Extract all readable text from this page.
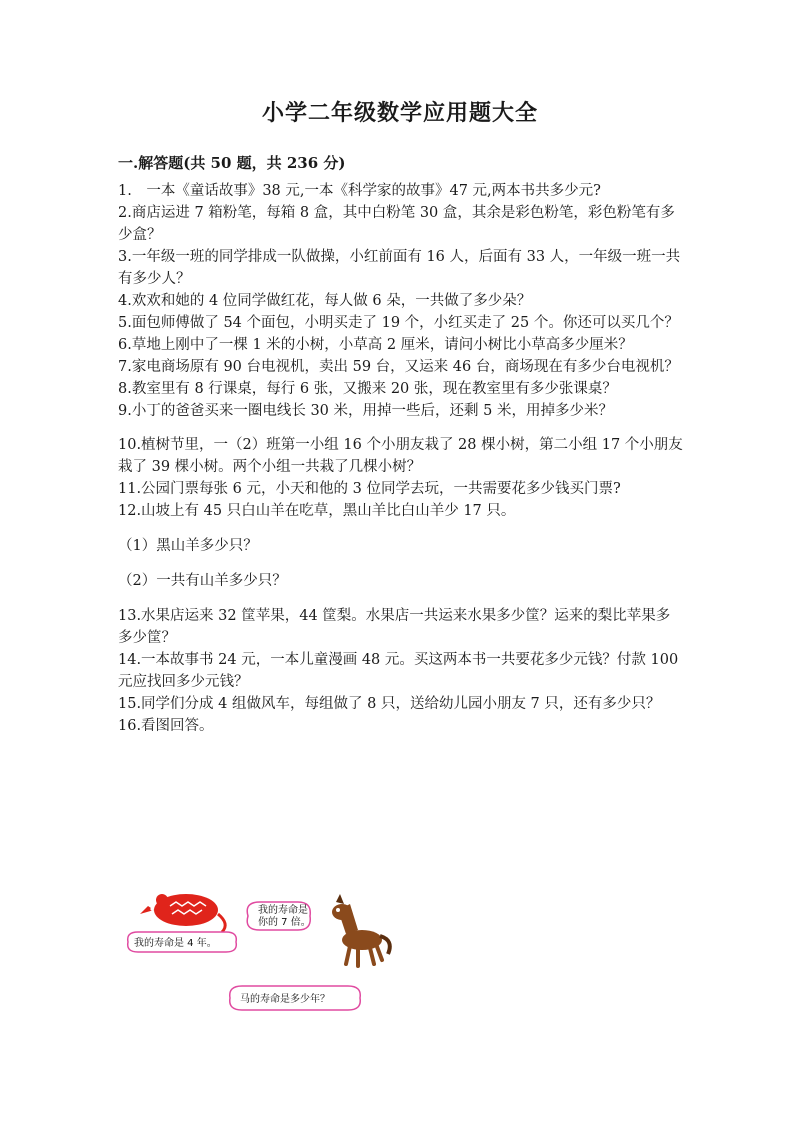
小学二年级数学应用题大全
一.解答题(共 50 题，共 236 分)

1.　一本《童话故事》38 元,一本《科学家的故事》47 元,两本书共多少元?

2.商店运进 7 箱粉笔，每箱 8 盒，其中白粉笔 30 盒，其余是彩色粉笔，彩色粉笔有多少盒？

3.一年级一班的同学排成一队做操，小红前面有 16 人，后面有 33 人，一年级一班一共有多少人？

4.欢欢和她的 4 位同学做红花，每人做 6 朵，一共做了多少朵？

5.面包师傅做了 54 个面包，小明买走了 19 个，小红买走了 25 个。你还可以买几个？

6.草地上刚中了一棵 1 米的小树，小草高 2 厘米，请问小树比小草高多少厘米？

7.家电商场原有 90 台电视机，卖出 59 台，又运来 46 台，商场现在有多少台电视机？

8.教室里有 8 行课桌，每行 6 张，又搬来 20 张，现在教室里有多少张课桌？

9.小丁的爸爸买来一圈电线长 30 米，用掉一些后，还剩 5 米，用掉多少米？

10.植树节里，一（2）班第一小组 16 个小朋友栽了 28 棵小树，第二小组 17 个小朋友栽了 39 棵小树。两个小组一共栽了几棵小树？

11.公园门票每张 6 元，小天和他的 3 位同学去玩，一共需要花多少钱买门票?

12.山坡上有 45 只白山羊在吃草，黑山羊比白山羊少 17 只。

（1）黑山羊多少只？

（2）一共有山羊多少只？

13.水果店运来 32 筐苹果，44 筐梨。水果店一共运来水果多少筐？运来的梨比苹果多多少筐？

14.一本故事书 24 元，一本儿童漫画 48 元。买这两本书一共要花多少元钱？付款 100 元应找回多少元钱？

15.同学们分成 4 组做风车，每组做了 8 只，送给幼儿园小朋友 7 只，还有多少只？

16.看图回答。

我的寿命是 4 年。
我的寿命是
你的 7 倍。
马的寿命是多少年？
